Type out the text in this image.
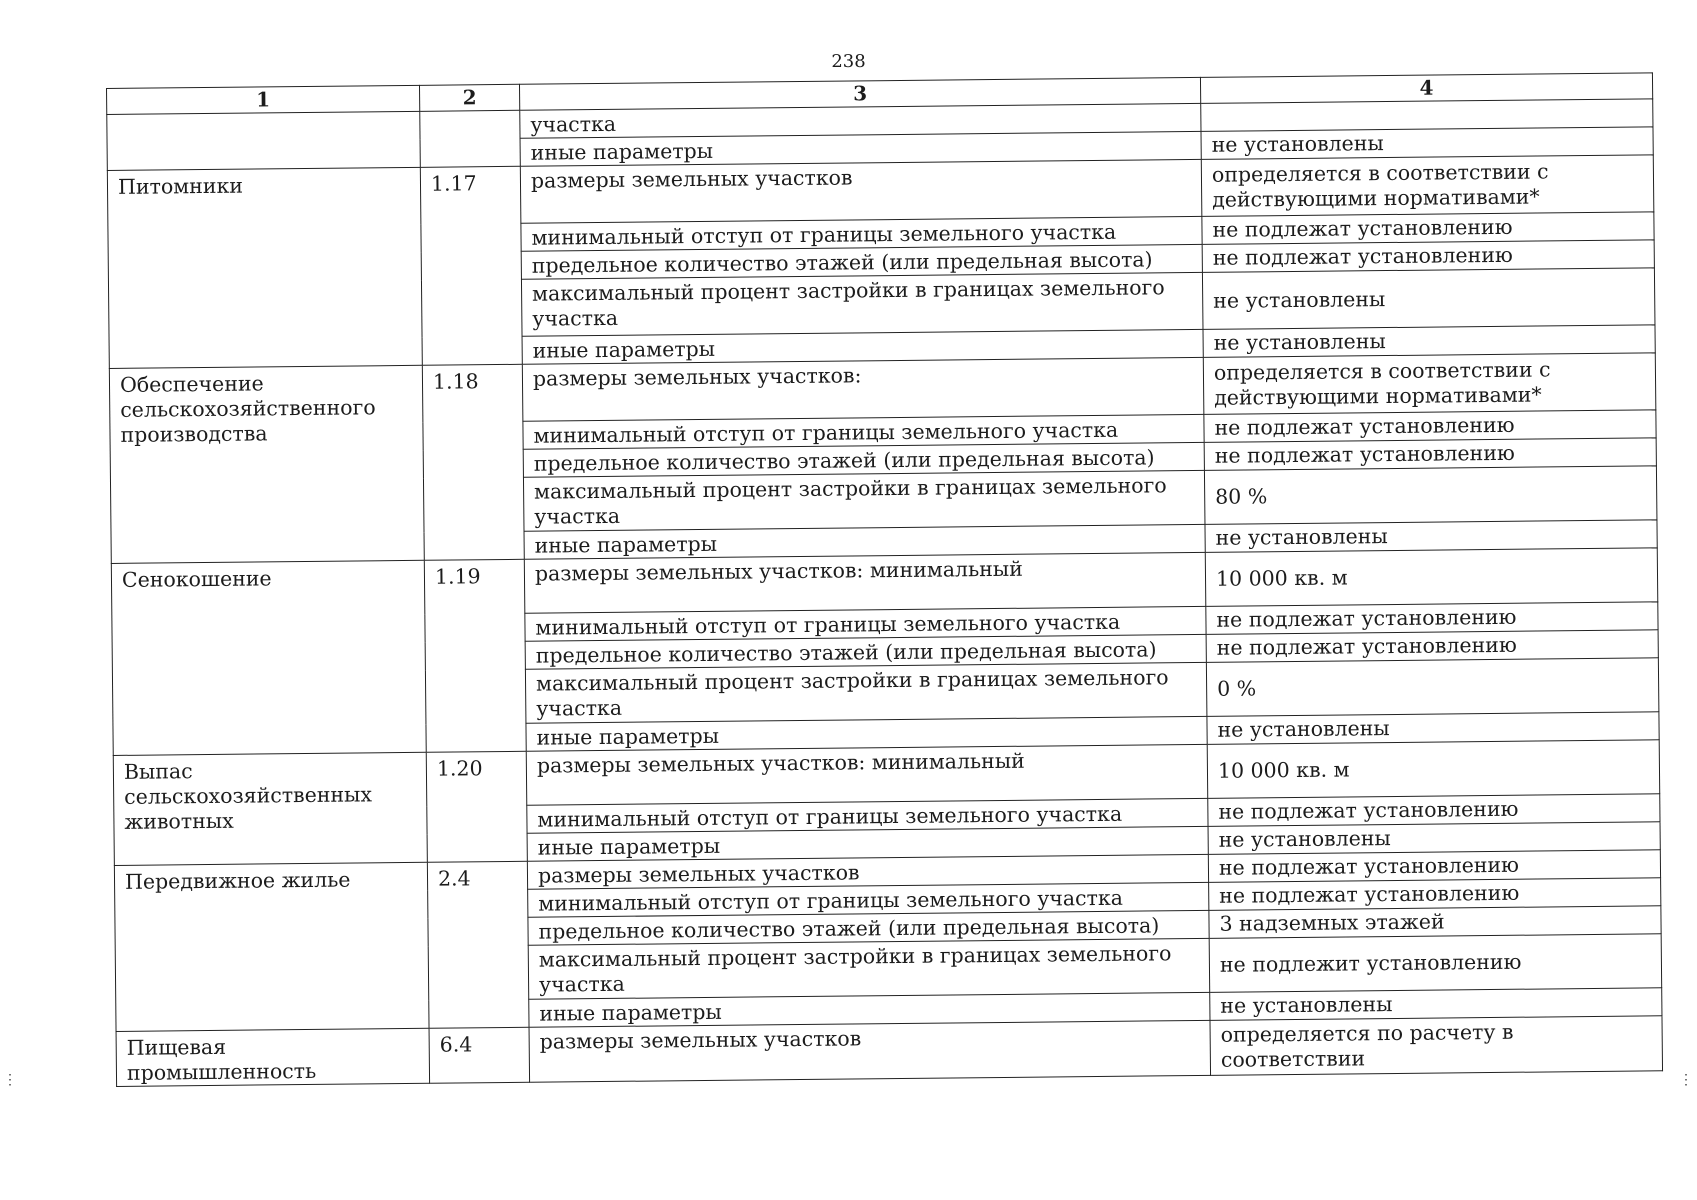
238
⋮	⋮
1	2	3	4
		участка	
		иные параметры	не установлены
Питомники	1.17	размеры земельных участков	определяется в соответствии с действующими нормативами*
		минимальный отступ от границы земельного участка	не подлежат установлению
		предельное количество этажей (или предельная высота)	не подлежат установлению
		максимальный процент застройки в границах земельного участка	не установлены
		иные параметры	не установлены
Обеспечение сельскохозяйственного производства	1.18	размеры земельных участков:	определяется в соответствии с действующими нормативами*
		минимальный отступ от границы земельного участка	не подлежат установлению
		предельное количество этажей (или предельная высота)	не подлежат установлению
		максимальный процент застройки в границах земельного участка	80 %
		иные параметры	не установлены
Сенокошение	1.19	размеры земельных участков: минимальный	10 000 кв. м
		минимальный отступ от границы земельного участка	не подлежат установлению
		предельное количество этажей (или предельная высота)	не подлежат установлению
		максимальный процент застройки в границах земельного участка	0 %
		иные параметры	не установлены
Выпас сельскохозяйственных животных	1.20	размеры земельных участков: минимальный	10 000 кв. м
		минимальный отступ от границы земельного участка	не подлежат установлению
		иные параметры	не установлены
Передвижное жилье	2.4	размеры земельных участков	не подлежат установлению
		минимальный отступ от границы земельного участка	не подлежат установлению
		предельное количество этажей (или предельная высота)	3 надземных этажей
		максимальный процент застройки в границах земельного участка	не подлежит установлению
		иные параметры	не установлены
Пищевая промышленность	6.4	размеры земельных участков	определяется по расчету в соответствии
